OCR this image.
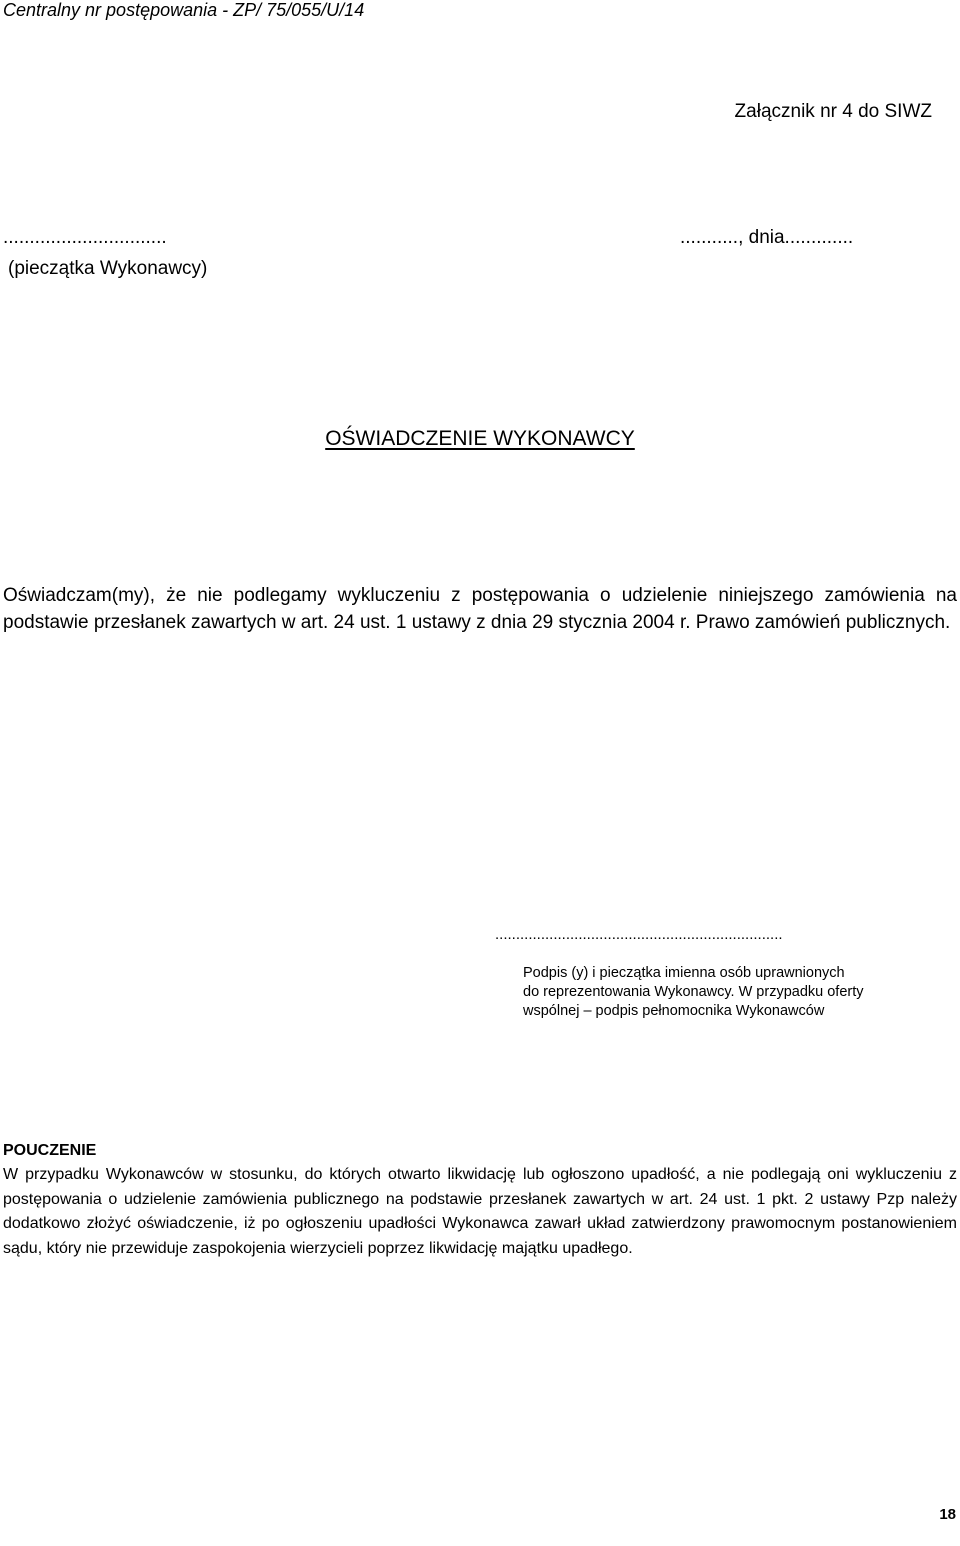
Centralny nr postępowania - ZP/ 75/055/U/14
Załącznik nr 4 do SIWZ
...............................	..........., dnia.............
(pieczątka Wykonawcy)
OŚWIADCZENIE WYKONAWCY

Oświadczam(my), że nie podlegamy wykluczeniu z postępowania o udzielenie niniejszego zamówienia na podstawie przesłanek zawartych w art. 24 ust. 1 ustawy z dnia 29 stycznia 2004 r. Prawo zamówień publicznych.

.....................................................................
Podpis (y) i pieczątka imienna osób uprawnionych
do reprezentowania Wykonawcy. W przypadku oferty
wspólnej – podpis pełnomocnika Wykonawców
POUCZENIE

W przypadku Wykonawców w stosunku, do których otwarto likwidację lub ogłoszono upadłość, a nie podlegają oni wykluczeniu z postępowania o udzielenie zamówienia publicznego na podstawie przesłanek zawartych w art. 24 ust. 1 pkt. 2 ustawy Pzp należy dodatkowo złożyć oświadczenie, iż po ogłoszeniu upadłości Wykonawca zawarł układ zatwierdzony prawomocnym postanowieniem sądu, który nie przewiduje zaspokojenia wierzycieli poprzez likwidację majątku upadłego.

18
